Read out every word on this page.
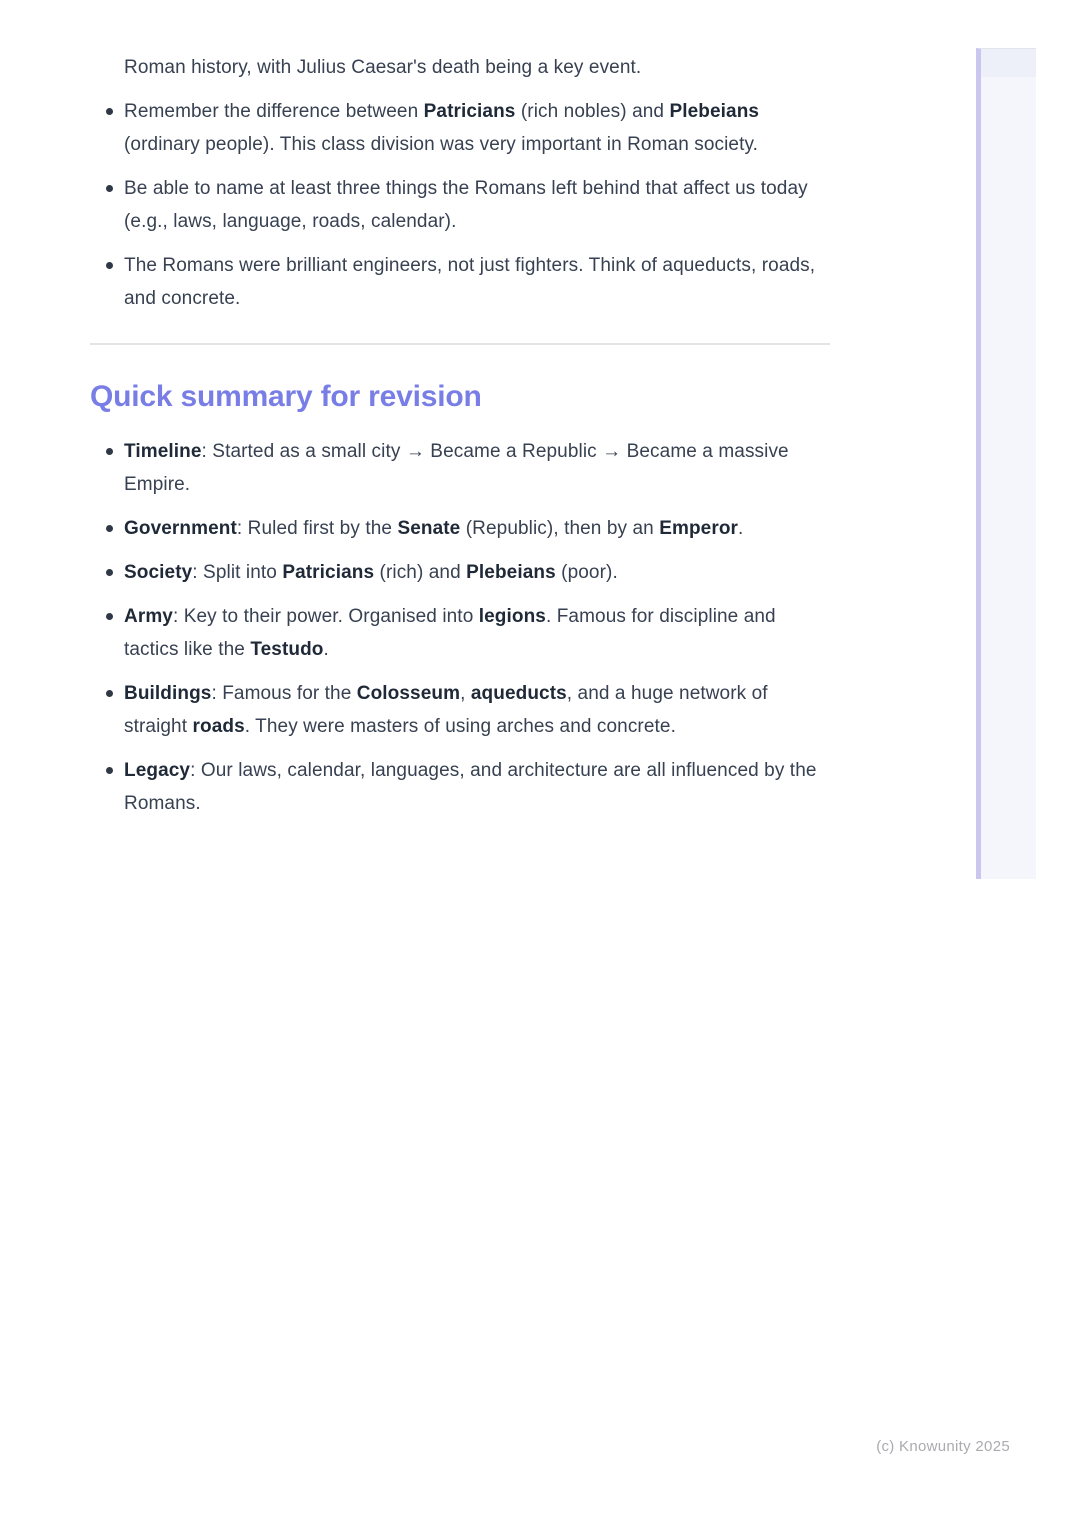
Roman history, with Julius Caesar's death being a key event.

Remember the difference between Patricians (rich nobles) and Plebeians (ordinary people). This class division was very important in Roman society.
Be able to name at least three things the Romans left behind that affect us today (e.g., laws, language, roads, calendar).
The Romans were brilliant engineers, not just fighters. Think of aqueducts, roads, and concrete.
Quick summary for revision
Timeline: Started as a small city → Became a Republic → Became a massive Empire.
Government: Ruled first by the Senate (Republic), then by an Emperor.
Society: Split into Patricians (rich) and Plebeians (poor).
Army: Key to their power. Organised into legions. Famous for discipline and tactics like the Testudo.
Buildings: Famous for the Colosseum, aqueducts, and a huge network of straight roads. They were masters of using arches and concrete.
Legacy: Our laws, calendar, languages, and architecture are all influenced by the Romans.
(c) Knowunity 2025
